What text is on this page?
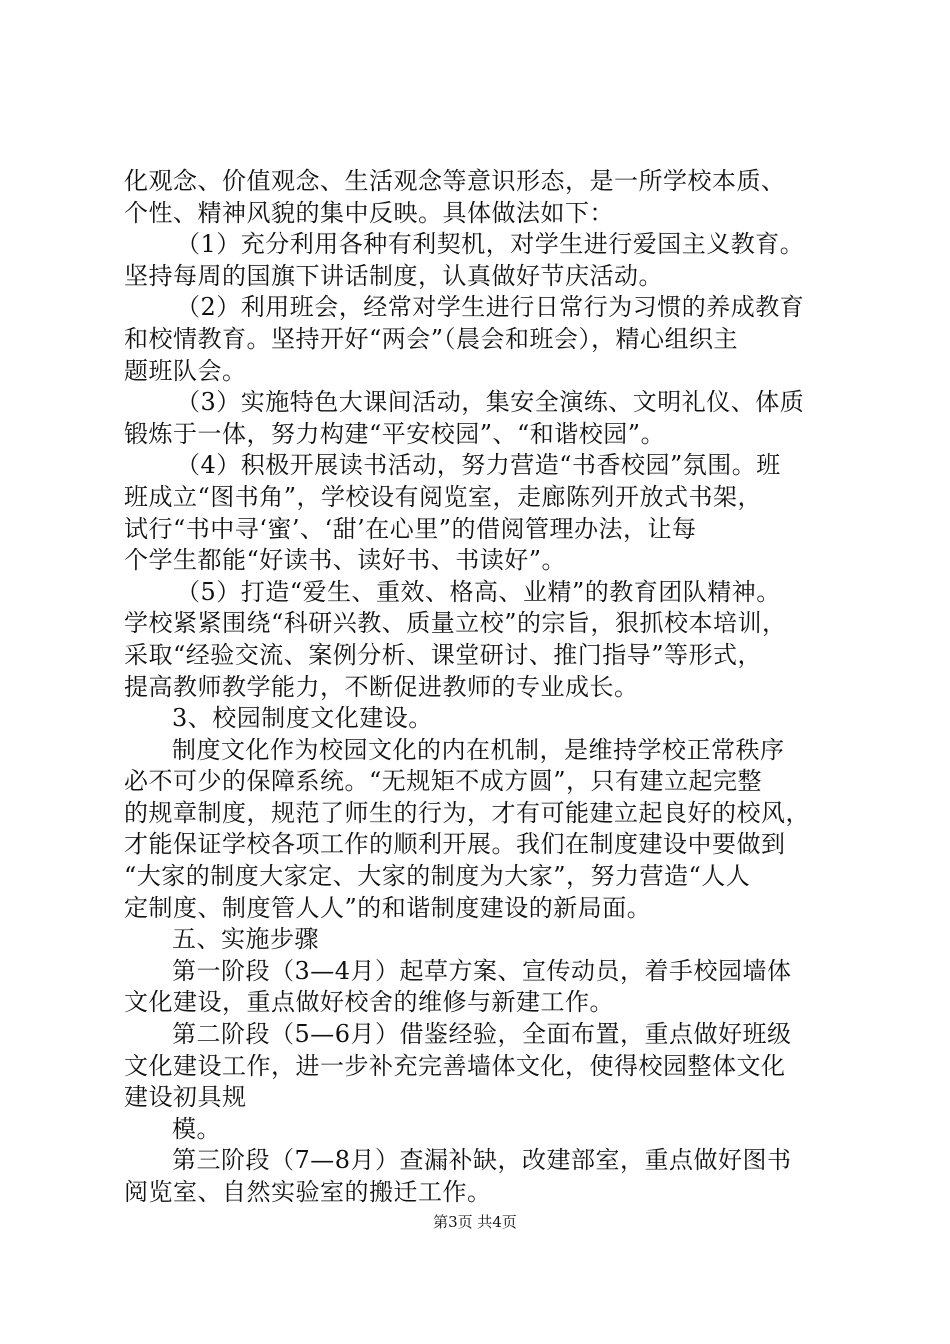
化观念、价值观念、生活观念等意识形态，是一所学校本质、
个性、精神风貌的集中反映。具体做法如下：
（1）充分利用各种有利契机，对学生进行爱国主义教育。
坚持每周的国旗下讲话制度，认真做好节庆活动。
（2）利用班会，经常对学生进行日常行为习惯的养成教育
和校情教育。坚持开好“两会”（晨会和班会），精心组织主
题班队会。
（3）实施特色大课间活动，集安全演练、文明礼仪、体质
锻炼于一体，努力构建“平安校园”、“和谐校园”。
（4）积极开展读书活动，努力营造“书香校园”氛围。班
班成立“图书角”，学校设有阅览室，走廊陈列开放式书架，
试行“书中寻‘蜜’、‘甜’在心里”的借阅管理办法，让每
个学生都能“好读书、读好书、书读好”。
（5）打造“爱生、重效、格高、业精”的教育团队精神。
学校紧紧围绕“科研兴教、质量立校”的宗旨，狠抓校本培训，
采取“经验交流、案例分析、课堂研讨、推门指导”等形式，
提高教师教学能力，不断促进教师的专业成长。
3、校园制度文化建设。
制度文化作为校园文化的内在机制，是维持学校正常秩序
必不可少的保障系统。“无规矩不成方圆”，只有建立起完整
的规章制度，规范了师生的行为，才有可能建立起良好的校风，
才能保证学校各项工作的顺利开展。我们在制度建设中要做到
“大家的制度大家定、大家的制度为大家”，努力营造“人人
定制度、制度管人人”的和谐制度建设的新局面。
五、实施步骤
第一阶段（3—4月）起草方案、宣传动员，着手校园墙体
文化建设，重点做好校舍的维修与新建工作。
第二阶段（5—6月）借鉴经验，全面布置，重点做好班级
文化建设工作，进一步补充完善墙体文化，使得校园整体文化
建设初具规
模。
第三阶段（7—8月）查漏补缺，改建部室，重点做好图书
阅览室、自然实验室的搬迁工作。
第3页 共4页
